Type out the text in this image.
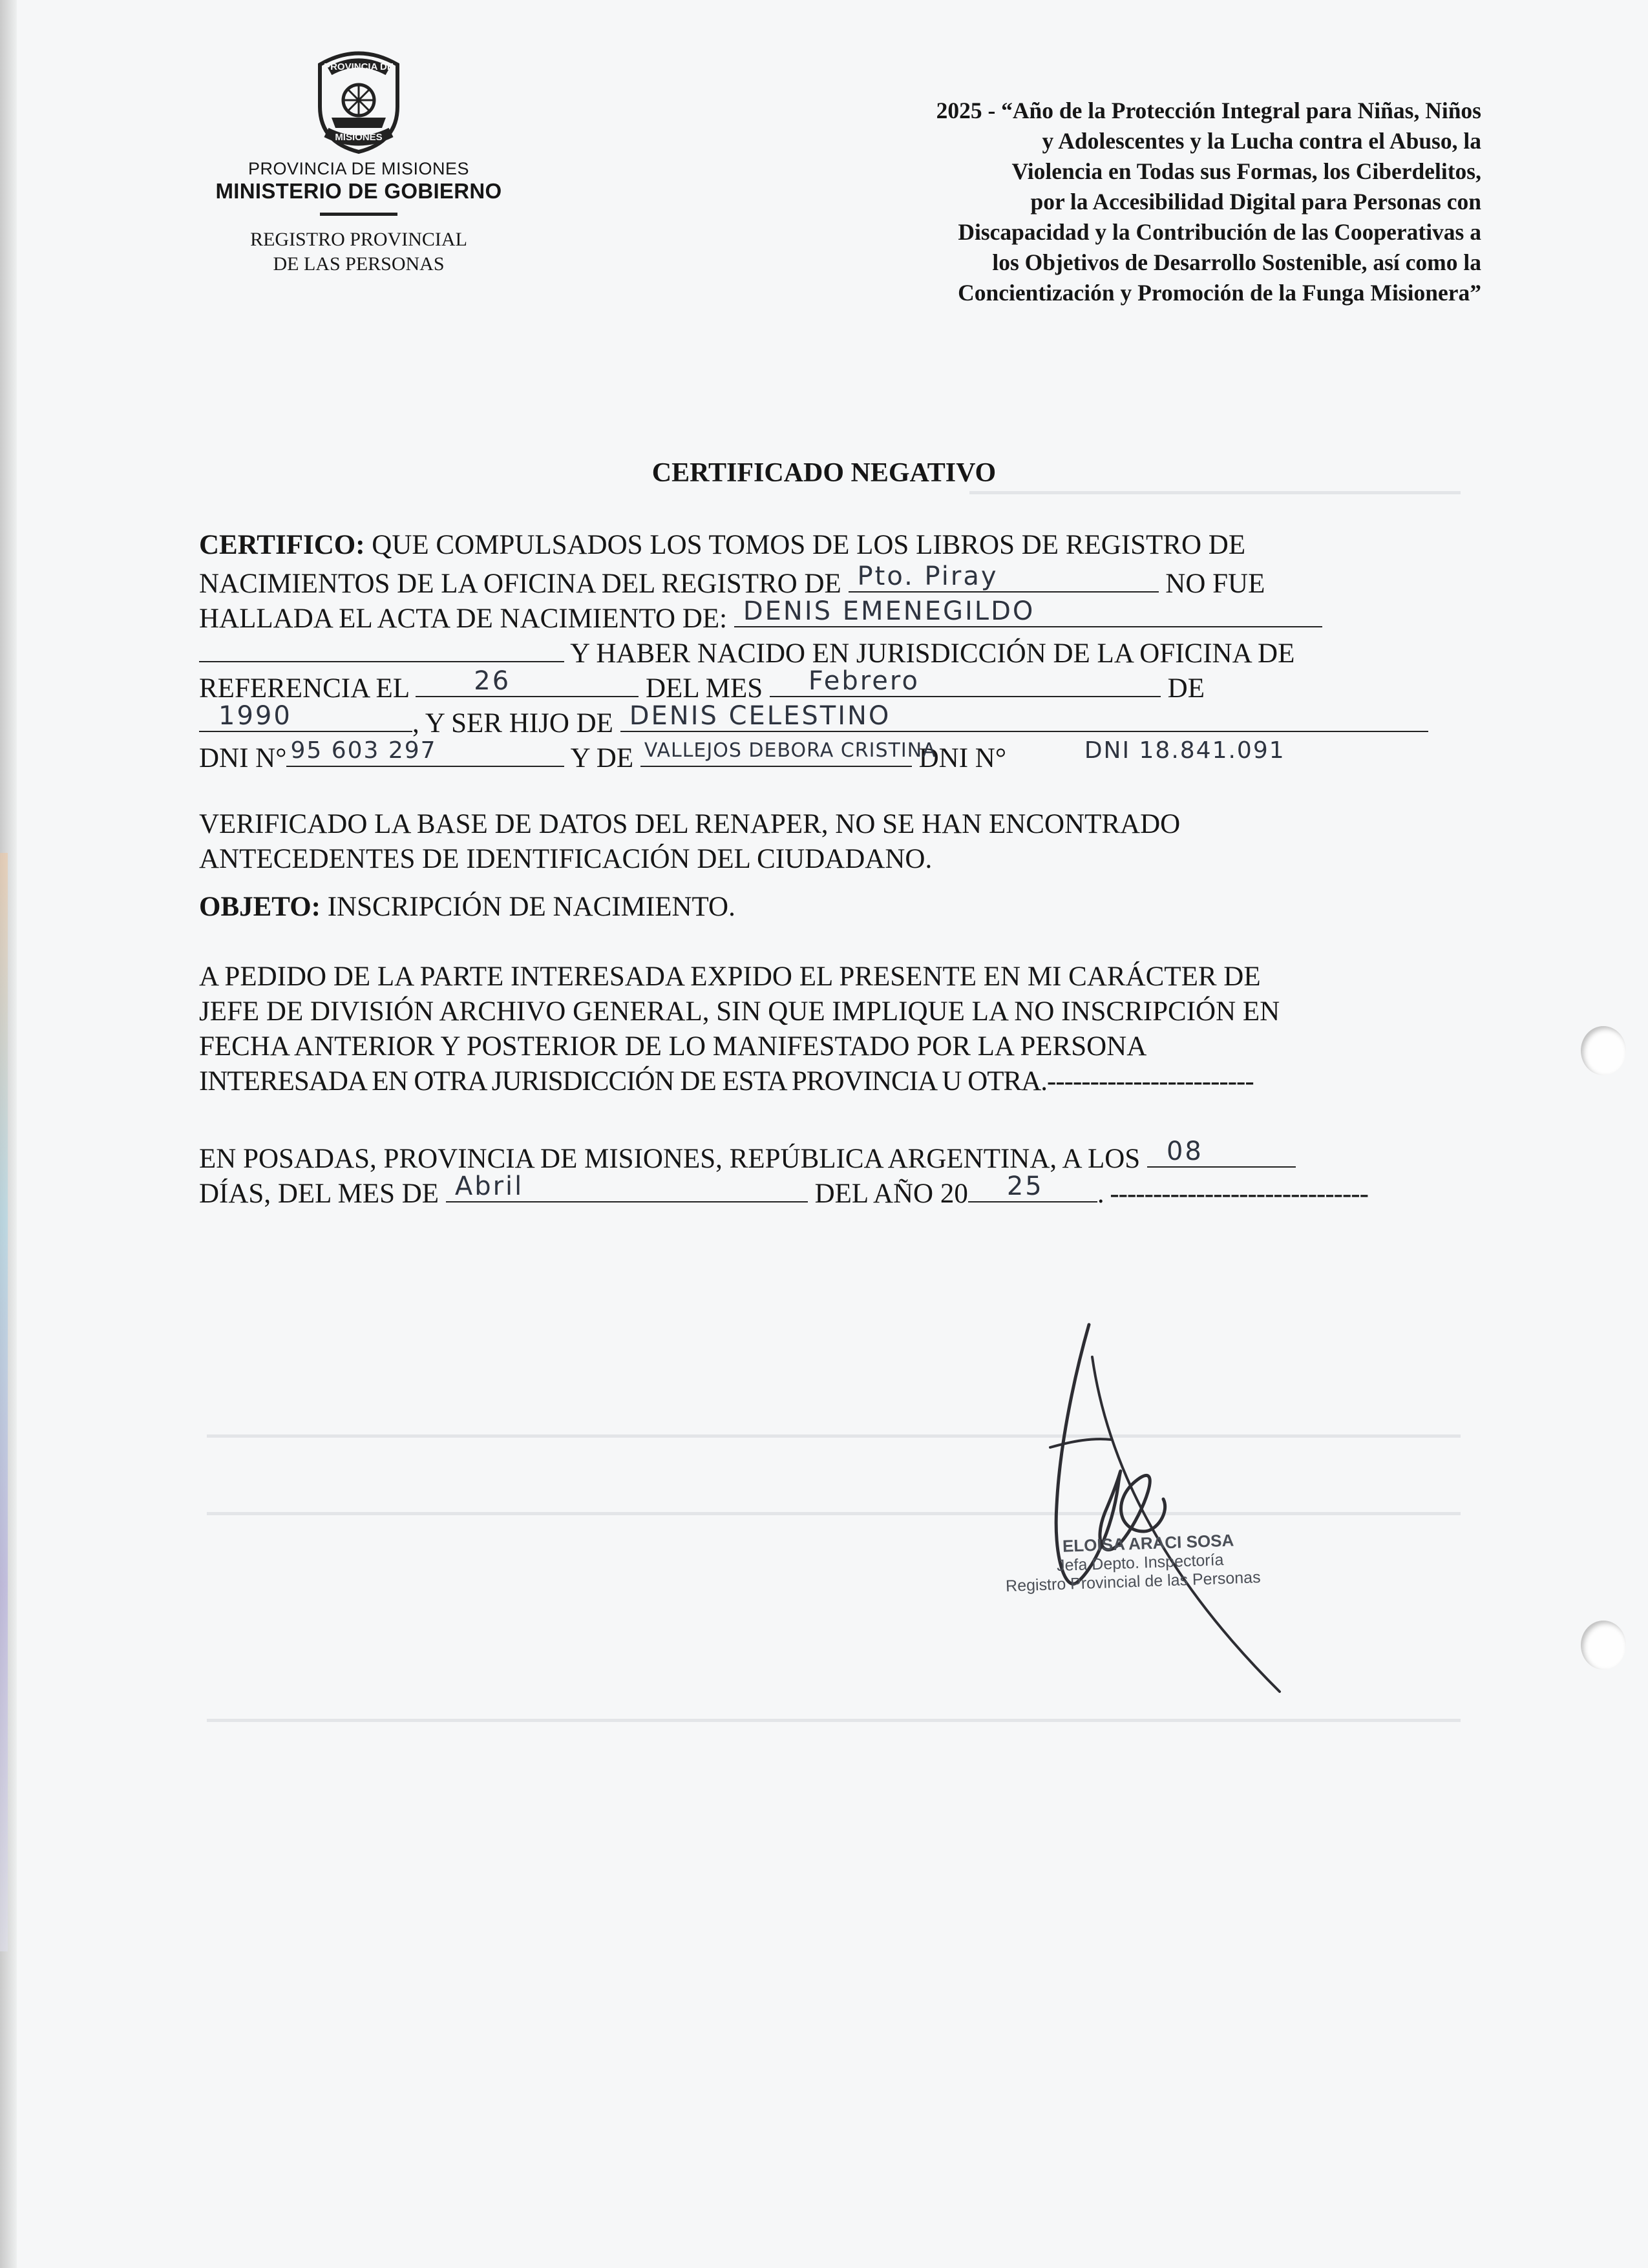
PROVINCIA DE
MISIONES
PROVINCIA DE MISIONES
MINISTERIO DE GOBIERNO
REGISTRO PROVINCIAL
DE LAS PERSONAS
2025 - “Año de la Protección Integral para Niñas, Niños
y Adolescentes y la Lucha contra el Abuso, la
Violencia en Todas sus Formas, los Ciberdelitos,
por la Accesibilidad Digital para Personas con
Discapacidad y la Contribución de las Cooperativas a
los Objetivos de Desarrollo Sostenible, así como la
Concientización y Promoción de la Funga Misionera”
CERTIFICADO NEGATIVO
CERTIFICO: QUE COMPULSADOS LOS TOMOS DE LOS LIBROS DE REGISTRO DE
NACIMIENTOS DE LA OFICINA DEL REGISTRO DE Pto. Piray	NO FUE
HALLADA EL ACTA DE NACIMIENTO DE: DENIS EMENEGILDO
Y HABER NACIDO EN JURISDICCIÓN DE LA OFICINA DE
REFERENCIA EL	26	DEL MES Febrero	DE
1990	, Y SER HIJO DE DENIS CELESTINO
DNI N° 95 603 297	Y DE VALLEJOS DEBORA CRISTINA
DNI N°	DNI 18.841.091
VERIFICADO LA BASE DE DATOS DEL RENAPER, NO SE HAN ENCONTRADO
ANTECEDENTES DE IDENTIFICACIÓN DEL CIUDADANO.
OBJETO: INSCRIPCIÓN DE NACIMIENTO.
A PEDIDO DE LA PARTE INTERESADA EXPIDO EL PRESENTE EN MI CARÁCTER DE
JEFE DE DIVISIÓN ARCHIVO GENERAL, SIN QUE IMPLIQUE LA NO INSCRIPCIÓN EN
FECHA ANTERIOR Y POSTERIOR DE LO MANIFESTADO POR LA PERSONA
INTERESADA EN OTRA JURISDICCIÓN DE ESTA PROVINCIA U OTRA.------------------------
EN POSADAS, PROVINCIA DE MISIONES, REPÚBLICA ARGENTINA, A LOS 08
DÍAS, DEL MES DE Abril	DEL AÑO 20 25 . ------------------------------
ELOISA ARACI SOSA
Jefa Depto. Inspectoría
Registro Provincial de las Personas
